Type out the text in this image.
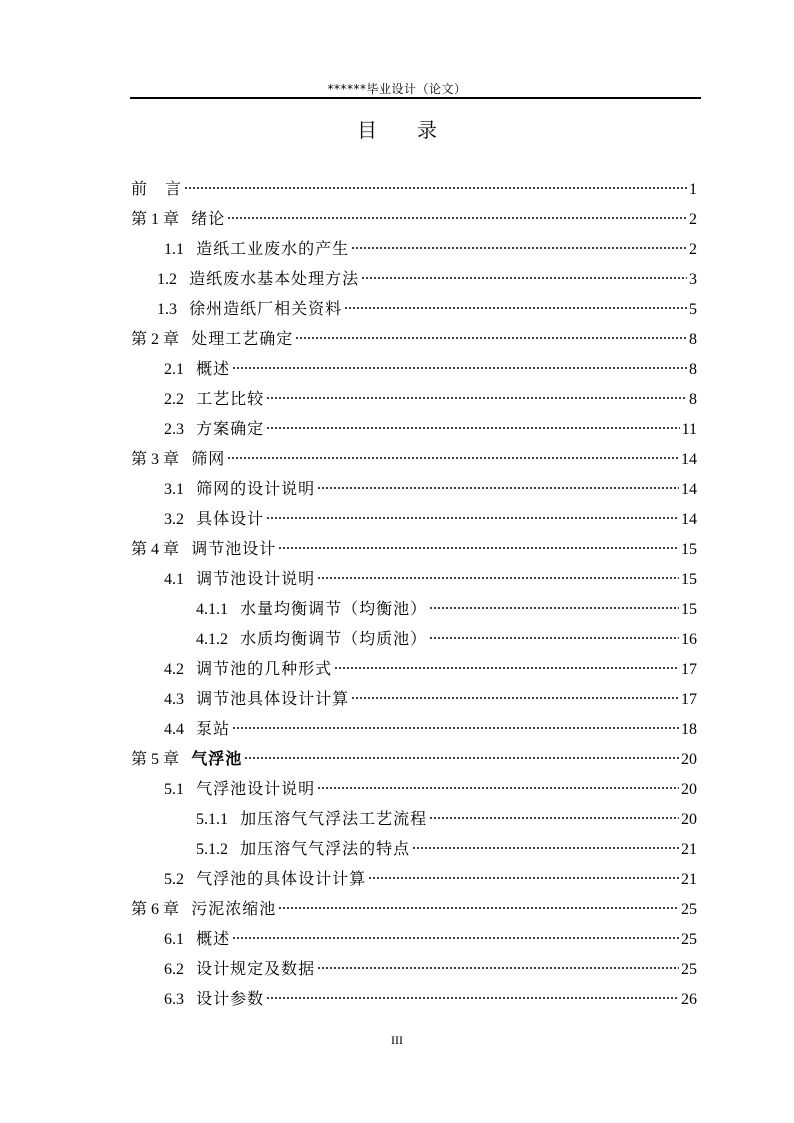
******毕业设计（论文）
目　录
前　言	1
第 1 章 绪论	2
1.1 造纸工业废水的产生	2
1.2 造纸废水基本处理方法	3
1.3 徐州造纸厂相关资料	5
第 2 章 处理工艺确定	8
2.1 概述	8
2.2 工艺比较	8
2.3 方案确定	11
第 3 章 筛网	14
3.1 筛网的设计说明	14
3.2 具体设计	14
第 4 章 调节池设计	15
4.1 调节池设计说明	15
4.1.1 水量均衡调节（均衡池）	15
4.1.2 水质均衡调节（均质池）	16
4.2 调节池的几种形式	17
4.3 调节池具体设计计算	17
4.4 泵站	18
第 5 章 气浮池	20
5.1 气浮池设计说明	20
5.1.1 加压溶气气浮法工艺流程	20
5.1.2 加压溶气气浮法的特点	21
5.2 气浮池的具体设计计算	21
第 6 章 污泥浓缩池	25
6.1 概述	25
6.2 设计规定及数据	25
6.3 设计参数	26
III
